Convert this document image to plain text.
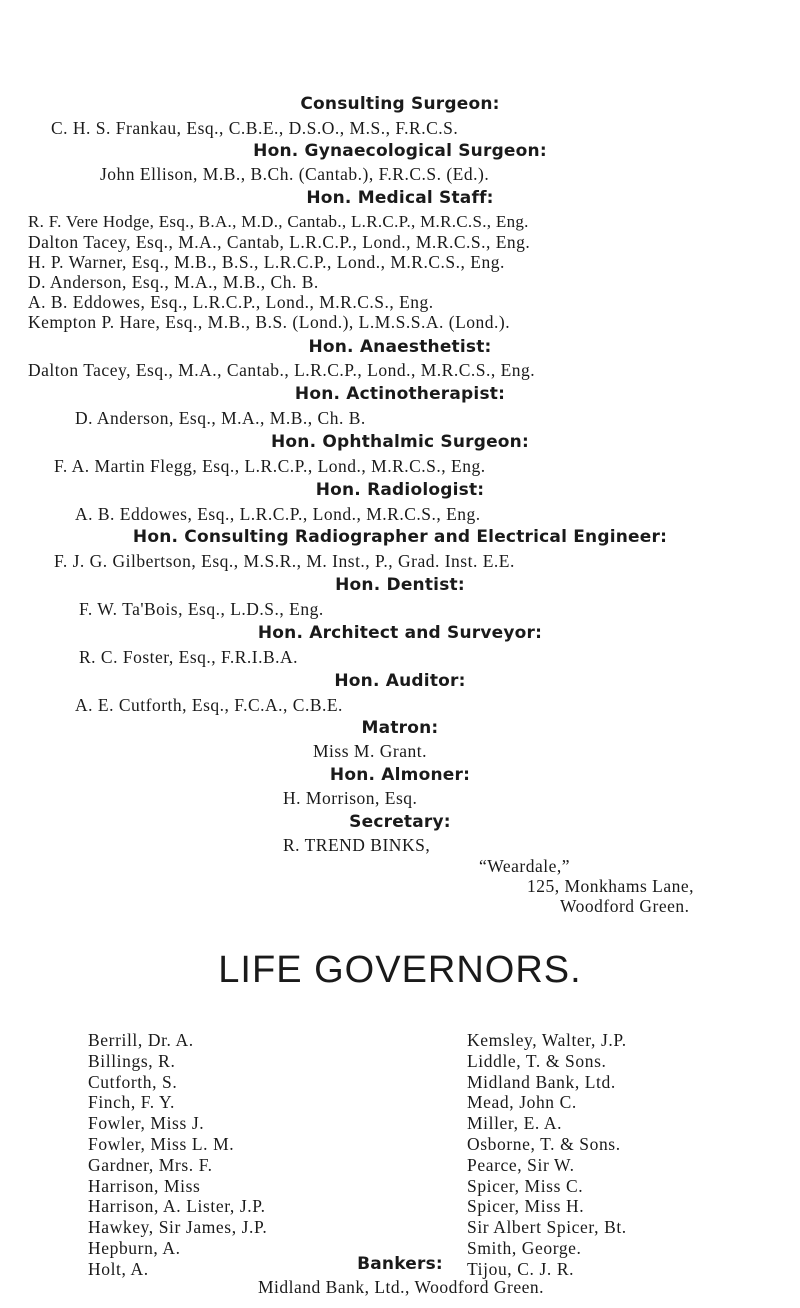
Consulting Surgeon:
C. H. S. Frankau, Esq., C.B.E., D.S.O., M.S., F.R.C.S.
Hon. Gynaecological Surgeon:
John Ellison, M.B., B.Ch. (Cantab.), F.R.C.S. (Ed.).
Hon. Medical Staff:
R. F. Vere Hodge, Esq., B.A., M.D., Cantab., L.R.C.P., M.R.C.S., Eng.
Dalton Tacey, Esq., M.A., Cantab, L.R.C.P., Lond., M.R.C.S., Eng.
H. P. Warner, Esq., M.B., B.S., L.R.C.P., Lond., M.R.C.S., Eng.
D. Anderson, Esq., M.A., M.B., Ch. B.
A. B. Eddowes, Esq., L.R.C.P., Lond., M.R.C.S., Eng.
Kempton P. Hare, Esq., M.B., B.S. (Lond.), L.M.S.S.A. (Lond.).
Hon. Anaesthetist:
Dalton Tacey, Esq., M.A., Cantab., L.R.C.P., Lond., M.R.C.S., Eng.
Hon. Actinotherapist:
D. Anderson, Esq., M.A., M.B., Ch. B.
Hon. Ophthalmic Surgeon:
F. A. Martin Flegg, Esq., L.R.C.P., Lond., M.R.C.S., Eng.
Hon. Radiologist:
A. B. Eddowes, Esq., L.R.C.P., Lond., M.R.C.S., Eng.
Hon. Consulting Radiographer and Electrical Engineer:
F. J. G. Gilbertson, Esq., M.S.R., M. Inst., P., Grad. Inst. E.E.
Hon. Dentist:
F. W. Ta'Bois, Esq., L.D.S., Eng.
Hon. Architect and Surveyor:
R. C. Foster, Esq., F.R.I.B.A.
Hon. Auditor:
A. E. Cutforth, Esq., F.C.A., C.B.E.
Matron:
Miss M. Grant.
Hon. Almoner:
H. Morrison, Esq.
Secretary:
R. TREND BINKS,
“Weardale,”
125, Monkhams Lane,
Woodford Green.
LIFE GOVERNORS.
Berrill, Dr. A.
Billings, R.
Cutforth, S.
Finch, F. Y.
Fowler, Miss J.
Fowler, Miss L. M.
Gardner, Mrs. F.
Harrison, Miss
Harrison, A. Lister, J.P.
Hawkey, Sir James, J.P.
Hepburn, A.
Holt, A.
Kemsley, Walter, J.P.
Liddle, T. & Sons.
Midland Bank, Ltd.
Mead, John C.
Miller, E. A.
Osborne, T. & Sons.
Pearce, Sir W.
Spicer, Miss C.
Spicer, Miss H.
Sir Albert Spicer, Bt.
Smith, George.
Tijou, C. J. R.
Bankers:
Midland Bank, Ltd., Woodford Green.
